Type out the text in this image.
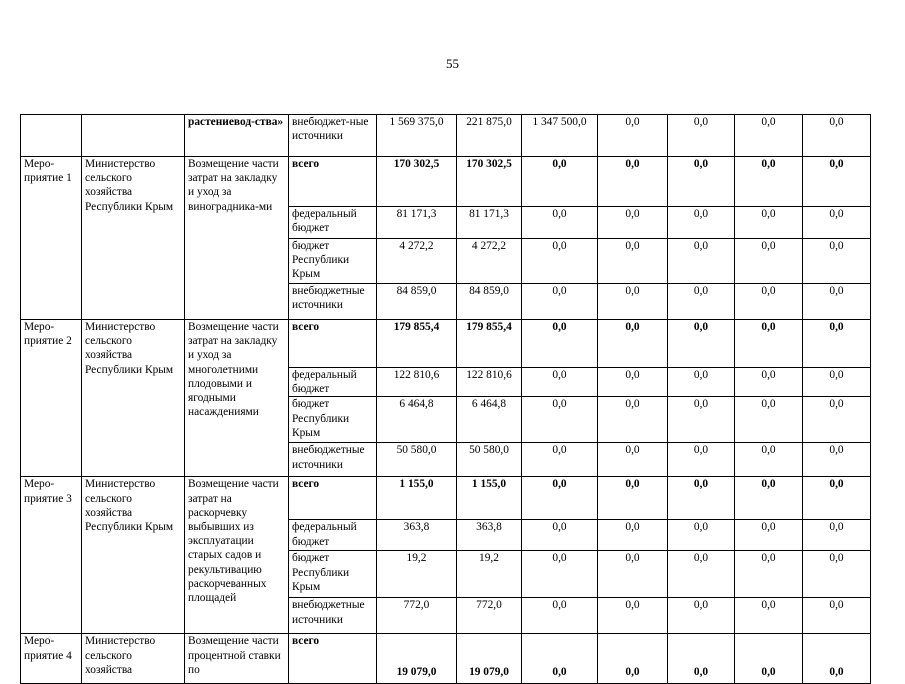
55
		растениевод-ства»	внебюджет-ные источники	1 569 375,0	221 875,0	1 347 500,0	0,0	0,0	0,0	0,0
Меро-приятие 1	Министерство сельского хозяйства Республики Крым	Возмещение части затрат на закладку и уход за виноградника-ми	всего	170 302,5	170 302,5	0,0	0,0	0,0	0,0	0,0
			федеральный бюджет	81 171,3	81 171,3	0,0	0,0	0,0	0,0	0,0
			бюджет Республики Крым	4 272,2	4 272,2	0,0	0,0	0,0	0,0	0,0
			внебюджетные источники	84 859,0	84 859,0	0,0	0,0	0,0	0,0	0,0
Меро-приятие 2	Министерство сельского хозяйства Республики Крым	Возмещение части затрат на закладку и уход за многолетними плодовыми и ягодными насаждениями	всего	179 855,4	179 855,4	0,0	0,0	0,0	0,0	0,0
			федеральный бюджет	122 810,6	122 810,6	0,0	0,0	0,0	0,0	0,0
			бюджет Республики Крым	6 464,8	6 464,8	0,0	0,0	0,0	0,0	0,0
			внебюджетные источники	50 580,0	50 580,0	0,0	0,0	0,0	0,0	0,0
Меро-приятие 3	Министерство сельского хозяйства Республики Крым	Возмещение части затрат на раскорчевку выбывших из эксплуатации старых садов и рекультивацию раскорчеванных площадей	всего	1 155,0	1 155,0	0,0	0,0	0,0	0,0	0,0
			федеральный бюджет	363,8	363,8	0,0	0,0	0,0	0,0	0,0
			бюджет Республики Крым	19,2	19,2	0,0	0,0	0,0	0,0	0,0
			внебюджетные источники	772,0	772,0	0,0	0,0	0,0	0,0	0,0
Меро-приятие 4	Министерство сельского хозяйства	Возмещение части процентной ставки по	всего	19 079,0	19 079,0	0,0	0,0	0,0	0,0	0,0
